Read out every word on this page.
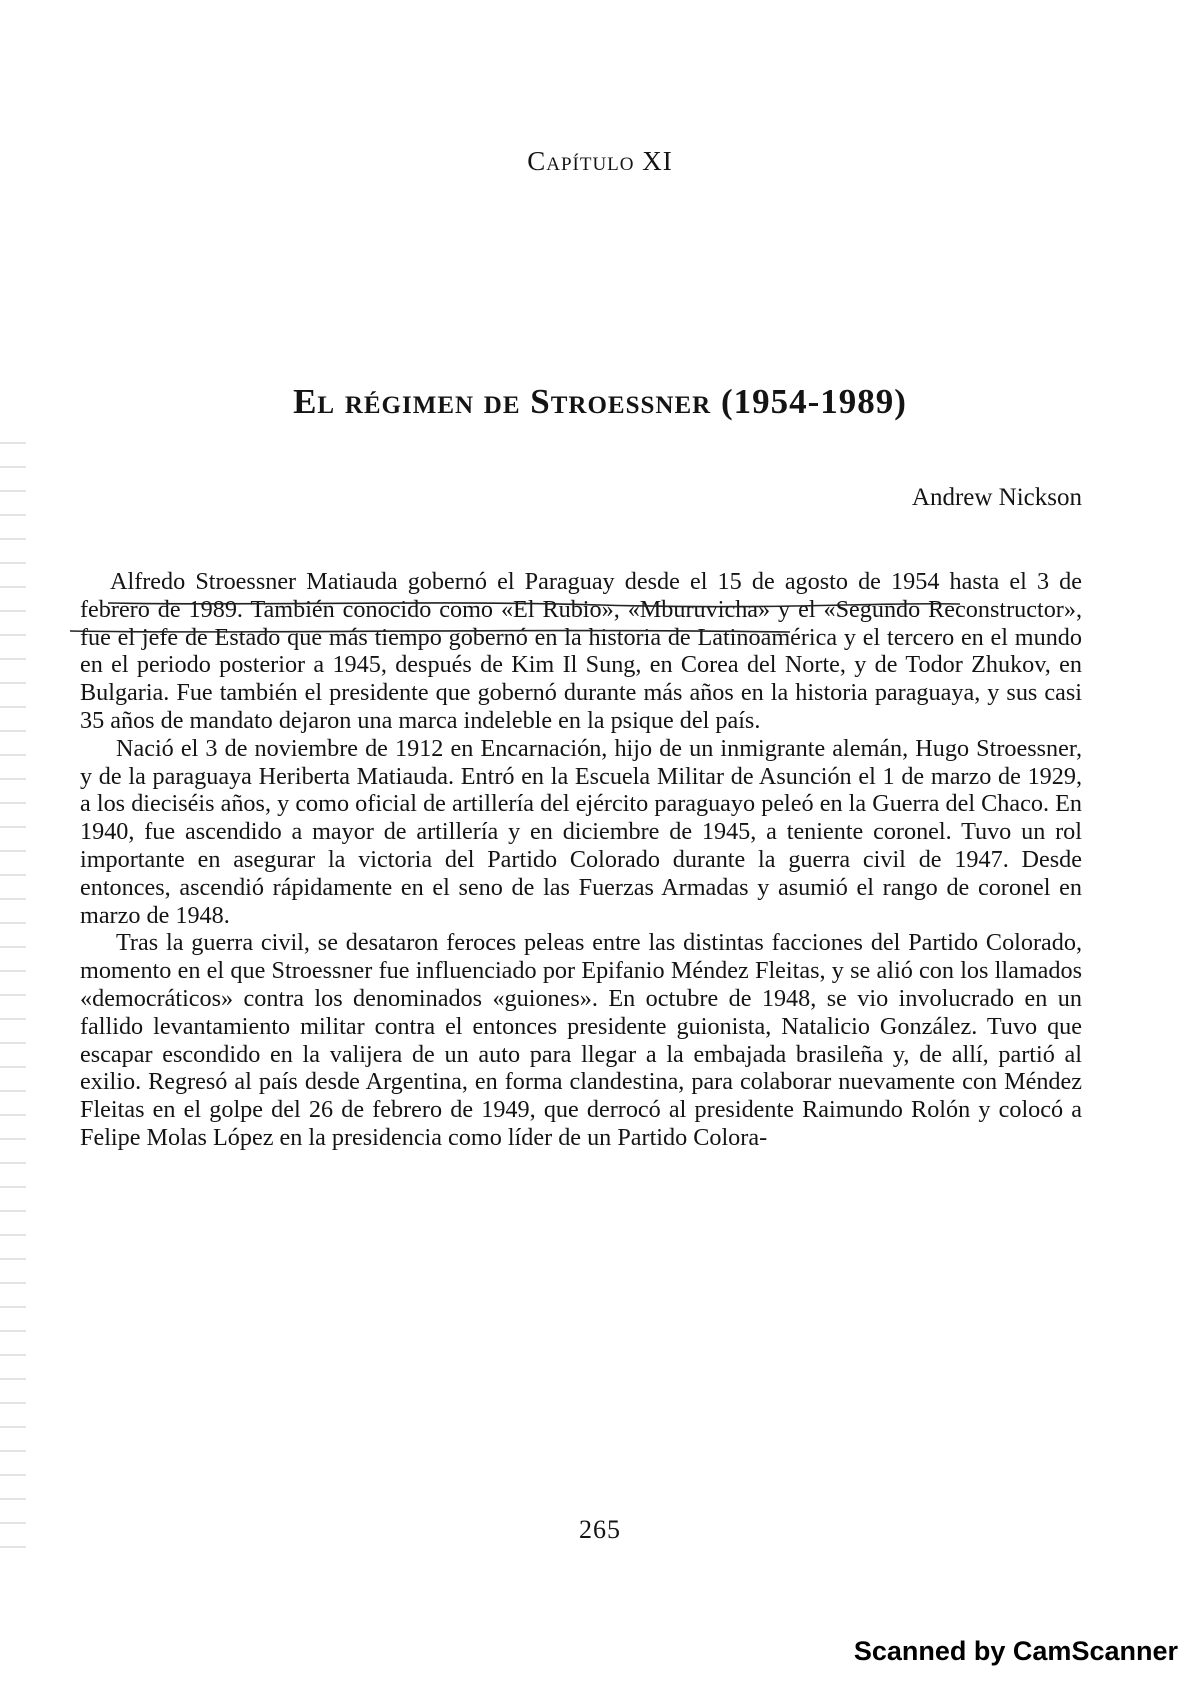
Capítulo XI
El régimen de Stroessner (1954-1989)
Andrew Nickson

Alfredo Stroessner Matiauda gobernó el Paraguay desde el 15 de agosto de 1954 hasta el 3 de febrero de 1989. También conocido como «El Rubio», «Mburuvicha» y el «Segundo Reconstructor», fue el jefe de Estado que más tiempo gobernó en la historia de Latinoamérica y el tercero en el mundo en el periodo posterior a 1945, después de Kim Il Sung, en Corea del Norte, y de Todor Zhukov, en Bulgaria. Fue también el presidente que gobernó durante más años en la historia paraguaya, y sus casi 35 años de mandato dejaron una marca indeleble en la psique del país.

Nació el 3 de noviembre de 1912 en Encarnación, hijo de un inmigrante alemán, Hugo Stroessner, y de la paraguaya Heriberta Matiauda. Entró en la Escuela Militar de Asunción el 1 de marzo de 1929, a los dieciséis años, y como oficial de artillería del ejército paraguayo peleó en la Guerra del Chaco. En 1940, fue ascendido a mayor de artillería y en diciembre de 1945, a teniente coronel. Tuvo un rol importante en asegurar la victoria del Partido Colorado durante la guerra civil de 1947. Desde entonces, ascendió rápidamente en el seno de las Fuerzas Armadas y asumió el rango de coronel en marzo de 1948.

Tras la guerra civil, se desataron feroces peleas entre las distintas facciones del Partido Colorado, momento en el que Stroessner fue influenciado por Epifanio Méndez Fleitas, y se alió con los llamados «democráticos» contra los denominados «guiones». En octubre de 1948, se vio involucrado en un fallido levantamiento militar contra el entonces presidente guionista, Natalicio González. Tuvo que escapar escondido en la valijera de un auto para llegar a la embajada brasileña y, de allí, partió al exilio. Regresó al país desde Argentina, en forma clandestina, para colaborar nuevamente con Méndez Fleitas en el golpe del 26 de febrero de 1949, que derrocó al presidente Raimundo Rolón y colocó a Felipe Molas López en la presidencia como líder de un Partido Colora-

265
Scanned by CamScanner
